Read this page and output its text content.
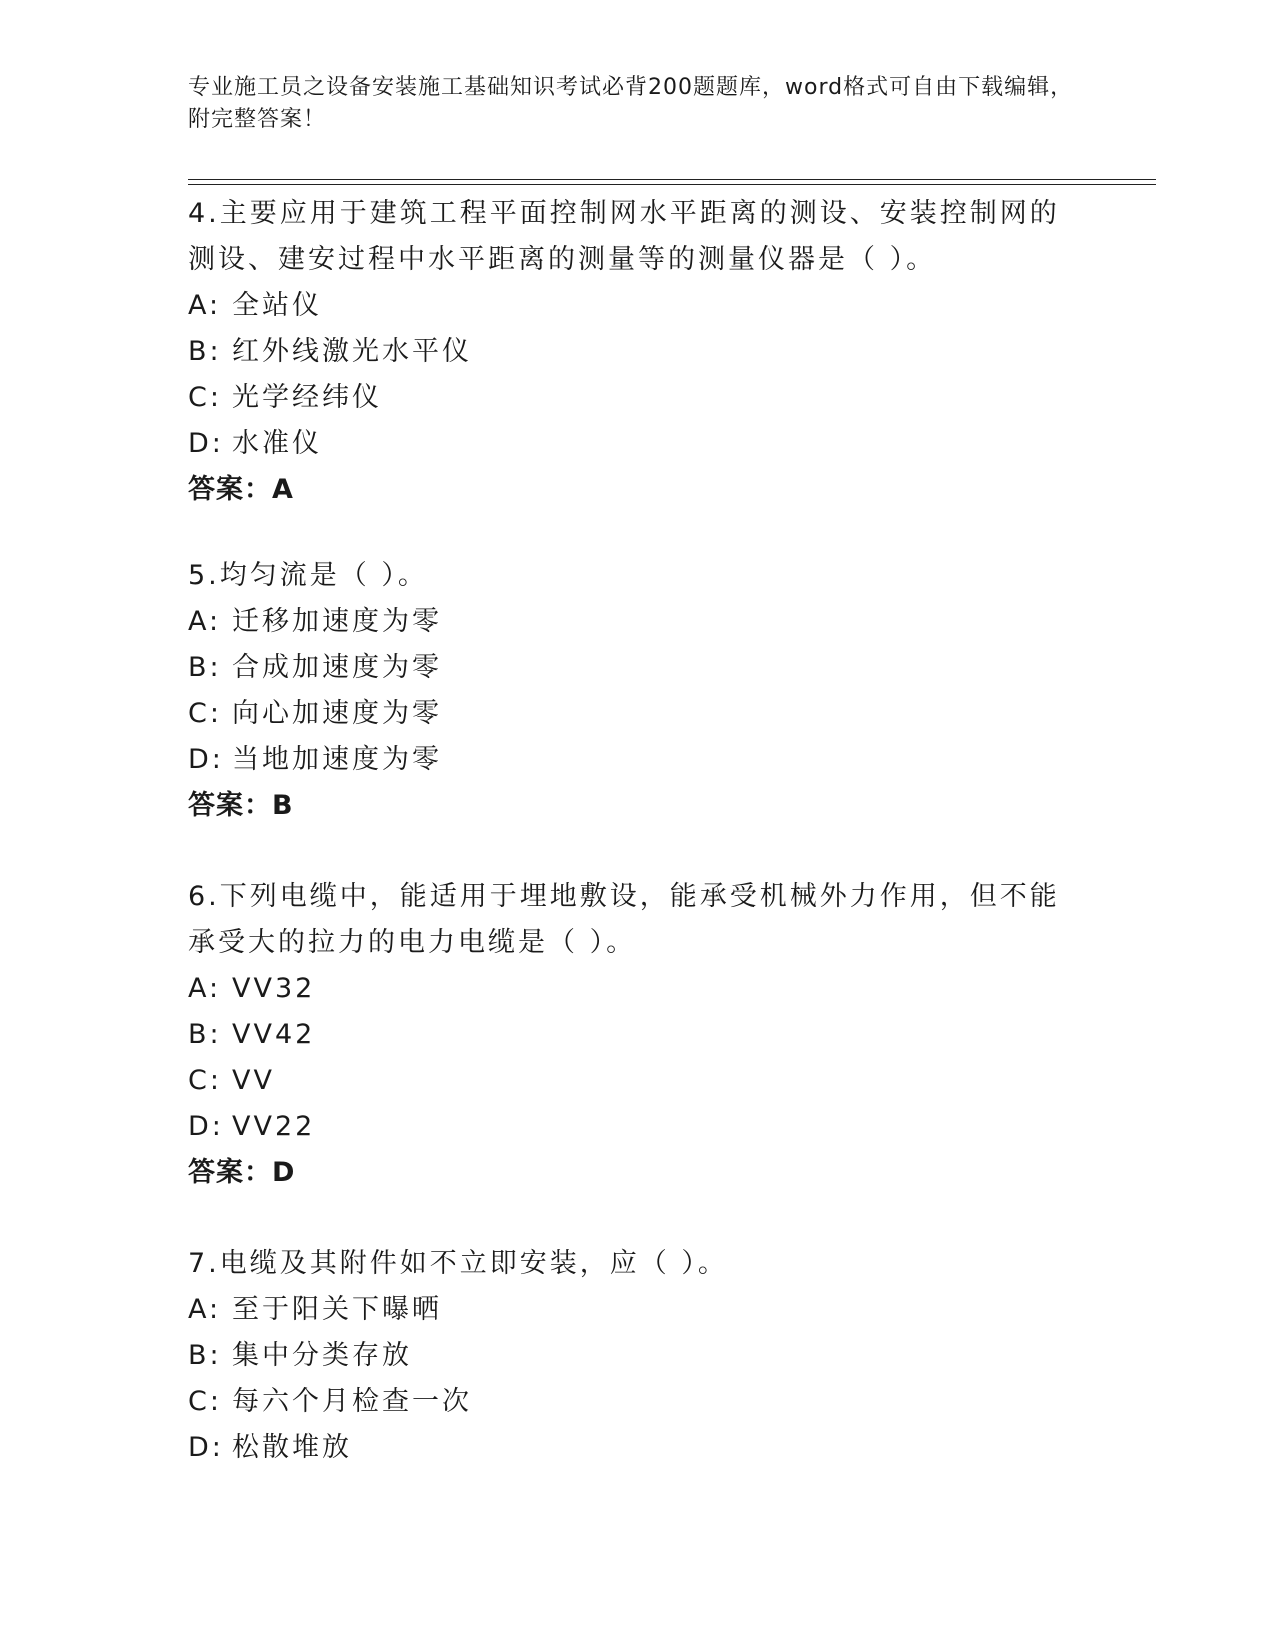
专业施工员之设备安装施工基础知识考试必背200题题库，word格式可自由下载编辑，附完整答案！

4.主要应用于建筑工程平面控制网水平距离的测设、安装控制网的测设、建安过程中水平距离的测量等的测量仪器是（ ）。

A: 全站仪

B: 红外线激光水平仪

C: 光学经纬仪

D: 水准仪

答案：A

5.均匀流是（ ）。

A: 迁移加速度为零

B: 合成加速度为零

C: 向心加速度为零

D: 当地加速度为零

答案：B

6.下列电缆中，能适用于埋地敷设，能承受机械外力作用，但不能承受大的拉力的电力电缆是（ ）。

A: VV32

B: VV42

C: VV

D: VV22

答案：D

7.电缆及其附件如不立即安装，应（ ）。

A: 至于阳关下曝晒

B: 集中分类存放

C: 每六个月检查一次

D: 松散堆放
